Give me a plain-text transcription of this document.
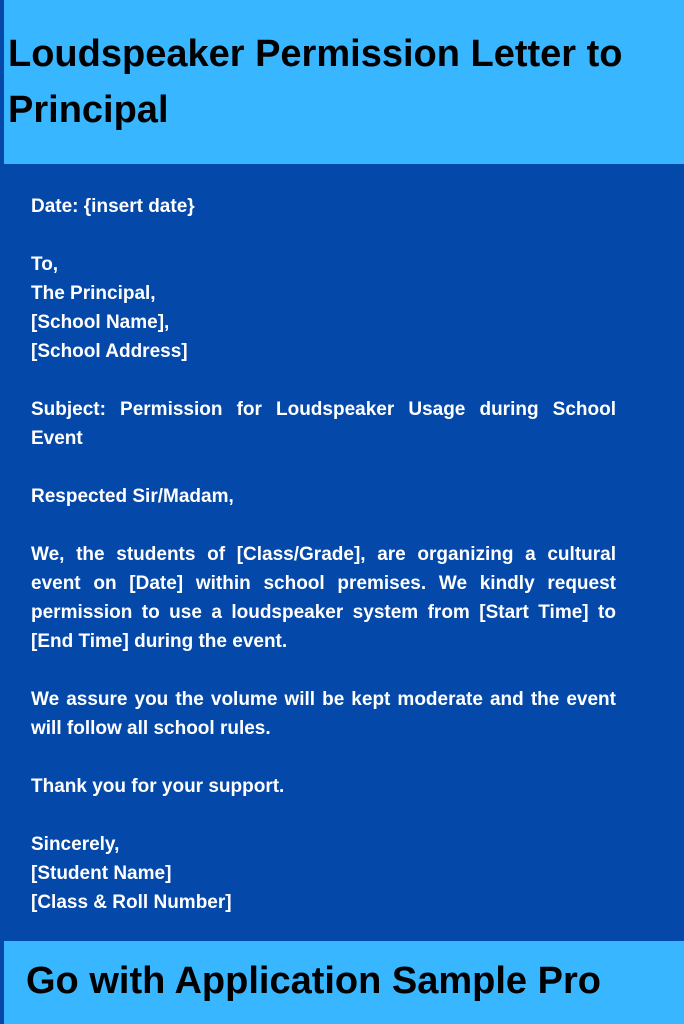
Loudspeaker Permission Letter to Principal

Date: {insert date}

To,
The Principal,
[School Name],
[School Address]

Subject: Permission for Loudspeaker Usage during School Event

Respected Sir/Madam,

We, the students of [Class/Grade], are organizing a cultural event on [Date] within school premises. We kindly request permission to use a loudspeaker system from [Start Time] to [End Time] during the event.

We assure you the volume will be kept moderate and the event will follow all school rules.

Thank you for your support.

Sincerely,
[Student Name]
[Class & Roll Number]

Go with Application Sample Pro
